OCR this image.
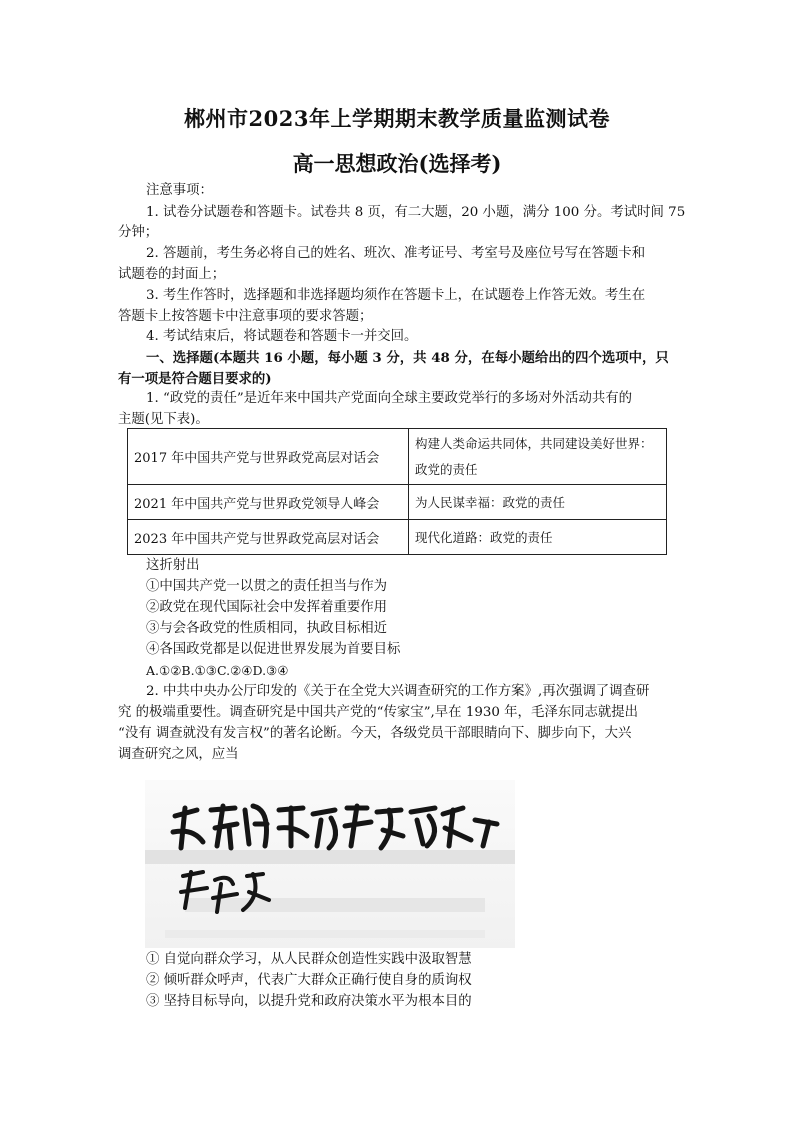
郴州市2023年上学期期末教学质量监测试卷
高一思想政治(选择考)
注意事项：
1. 试卷分试题卷和答题卡。试卷共 8 页，有二大题，20 小题，满分 100 分。考试时间 75
分钟；
2. 答题前，考生务必将自己的姓名、班次、准考证号、考室号及座位号写在答题卡和
试题卷的封面上；
3. 考生作答时，选择题和非选择题均须作在答题卡上，在试题卷上作答无效。考生在
答题卡上按答题卡中注意事项的要求答题；
4. 考试结束后，将试题卷和答题卡一并交回。
一、选择题(本题共 16 小题，每小题 3 分，共 48 分，在每小题给出的四个选项中，只
有一项是符合题目要求的)
1. “政党的责任”是近年来中国共产党面向全球主要政党举行的多场对外活动共有的
主题(见下表)。
2017 年中国共产党与世界政党高层对话会	构建人类命运共同体，共同建设美好世界：
政党的责任

2021 年中国共产党与世界政党领导人峰会	为人民谋幸福：政党的责任
2023 年中国共产党与世界政党高层对话会	现代化道路：政党的责任
这折射出
①中国共产党一以贯之的责任担当与作为
②政党在现代国际社会中发挥着重要作用
③与会各政党的性质相同，执政目标相近
④各国政党都是以促进世界发展为首要目标
A.①②B.①③C.②④D.③④
2. 中共中央办公厅印发的《关于在全党大兴调查研究的工作方案》,再次强调了调查研
究 的极端重要性。调查研究是中国共产党的“传家宝”,早在 1930 年，毛泽东同志就提出
“没有 调查就没有发言权”的著名论断。今天，各级党员干部眼睛向下、脚步向下，大兴
调查研究之风，应当
① 自觉向群众学习，从人民群众创造性实践中汲取智慧
② 倾听群众呼声，代表广大群众正确行使自身的质询权
③ 坚持目标导向，以提升党和政府决策水平为根本目的
